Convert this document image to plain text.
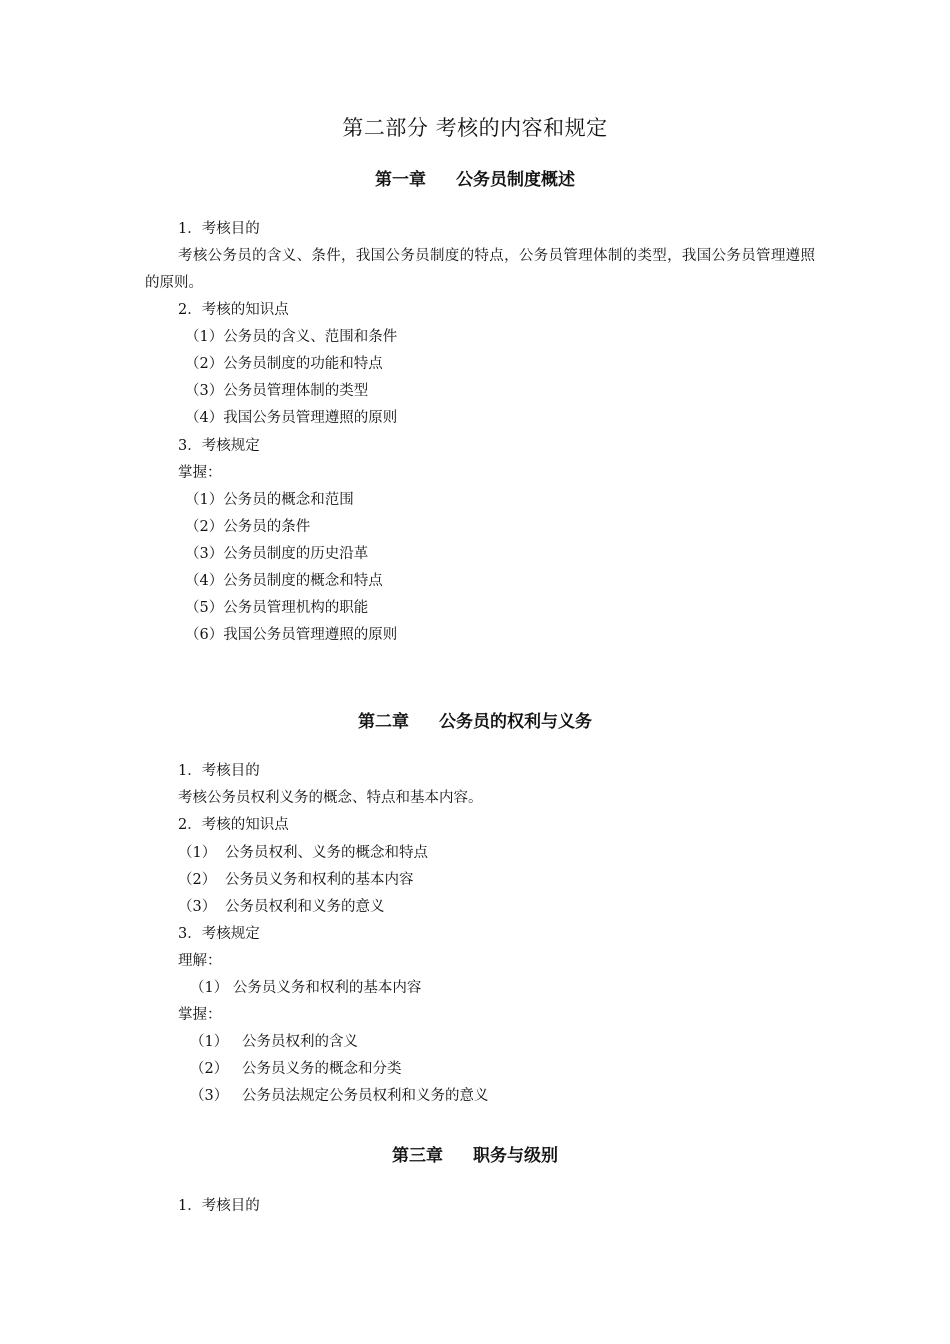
第二部分 考核的内容和规定
第一章 公务员制度概述
1．考核目的
考核公务员的含义、条件，我国公务员制度的特点，公务员管理体制的类型，我国公务员管理遵照的原则。
2．考核的知识点
（1）公务员的含义、范围和条件
（2）公务员制度的功能和特点
（3）公务员管理体制的类型
（4）我国公务员管理遵照的原则
3．考核规定
掌握：
（1）公务员的概念和范围
（2）公务员的条件
（3）公务员制度的历史沿革
（4）公务员制度的概念和特点
（5）公务员管理机构的职能
（6）我国公务员管理遵照的原则
第二章 公务员的权利与义务
1．考核目的
考核公务员权利义务的概念、特点和基本内容。
2．考核的知识点
（1） 公务员权利、义务的概念和特点
（2） 公务员义务和权利的基本内容
（3） 公务员权利和义务的意义
3．考核规定
理解：
（1） 公务员义务和权利的基本内容
掌握：
（1） 公务员权利的含义
（2） 公务员义务的概念和分类
（3） 公务员法规定公务员权利和义务的意义
第三章 职务与级别
1．考核目的
